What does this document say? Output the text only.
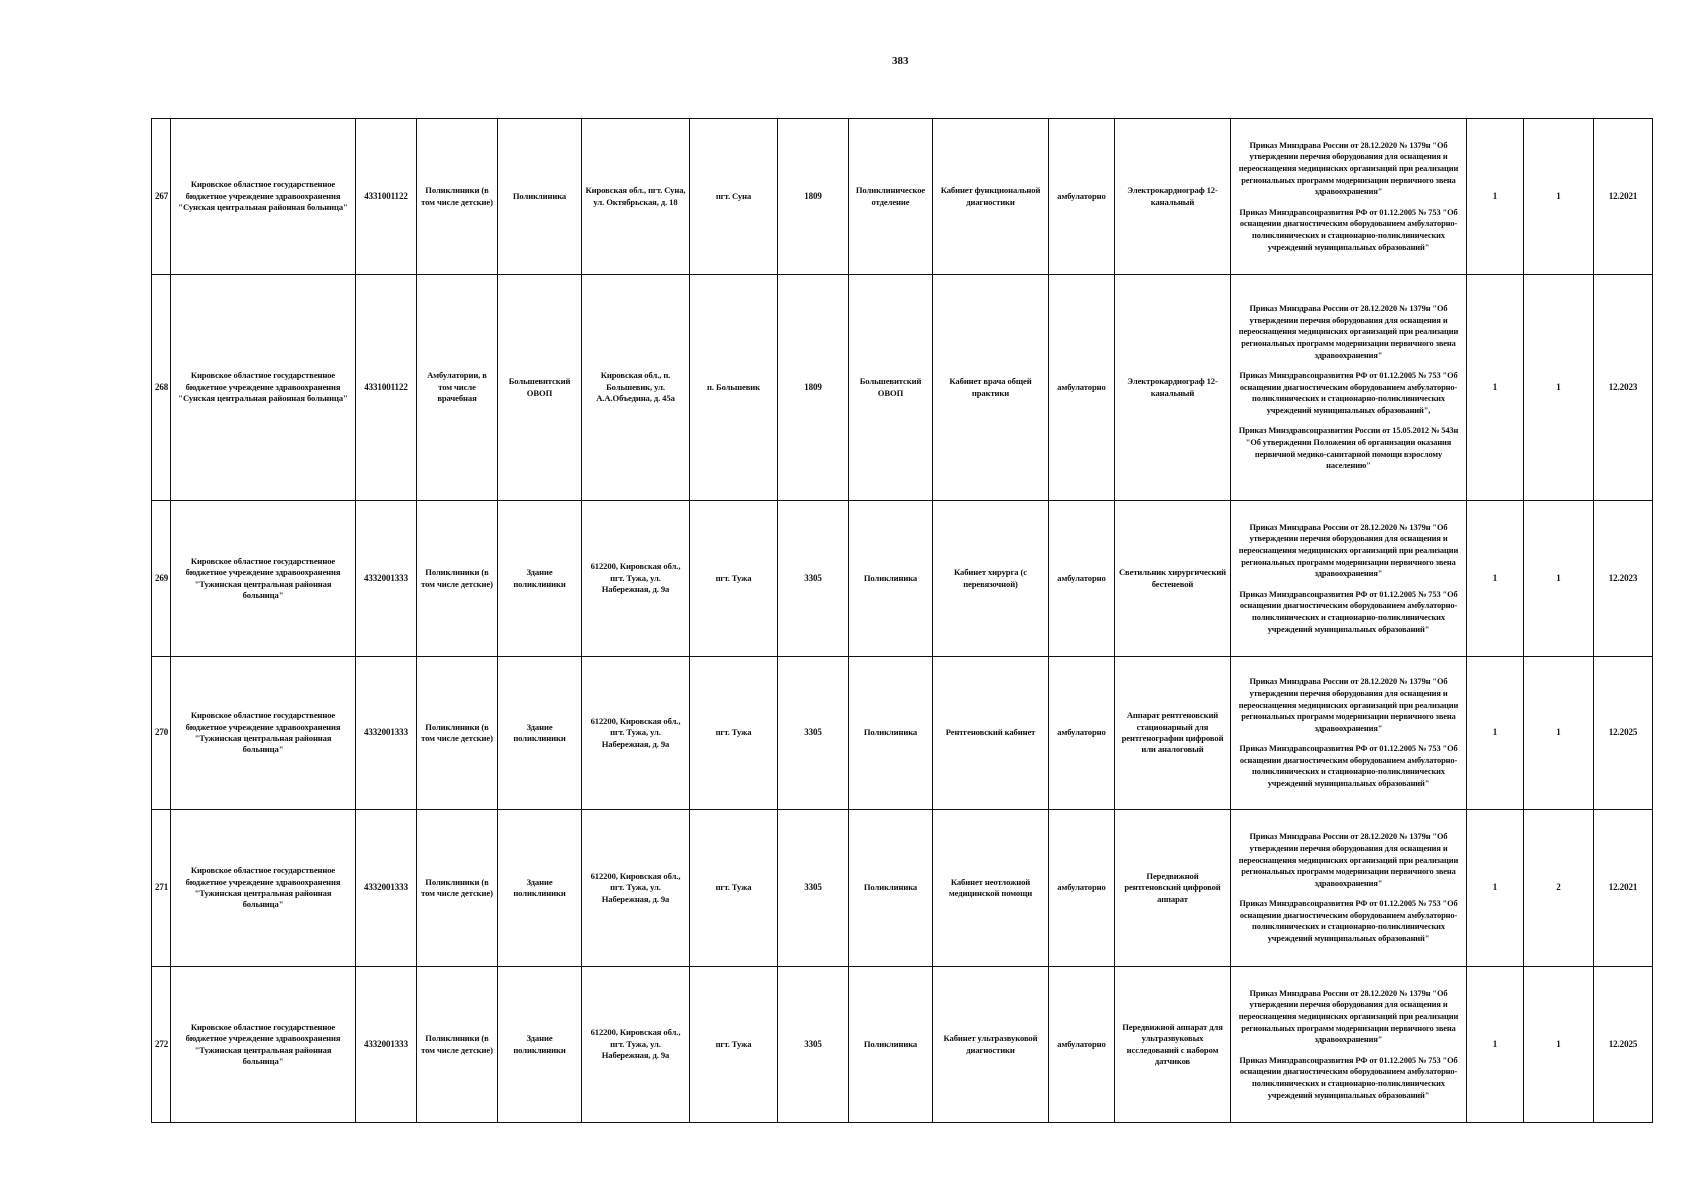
383
267	Кировское областное государственное бюджетное учреждение здравоохранения "Сунская центральная районная больница"	4331001122	Поликлиники (в том числе детские)	Поликлиника	Кировская обл., пгт. Суна, ул. Октябрьская, д. 18	пгт. Суна	1809	Поликлиническое отделение	Кабинет функциональной диагностики	амбулаторно	Электрокардиограф 12-канальный	Приказ Минздрава России от 28.12.2020 № 1379н "Об утверждении перечня оборудования для оснащения и переоснащения медицинских организаций при реализации региональных программ модернизации первичного звена здравоохранения"

Приказ Минздравсоцразвития РФ от 01.12.2005 № 753 "Об оснащении диагностическим оборудованием амбулаторно-поликлинических и стационарно-поликлинических учреждений муниципальных образований"	1	1	12.2021
268	Кировское областное государственное бюджетное учреждение здравоохранения "Сунская центральная районная больница"	4331001122	Амбулатории, в том числе врачебная	Большевитский ОВОП	Кировская обл., п. Большевик, ул. А.А.Объедина, д. 45а	п. Большевик	1809	Большевитский ОВОП	Кабинет врача общей практики	амбулаторно	Электрокардиограф 12-канальный	Приказ Минздрава России от 28.12.2020 № 1379н "Об утверждении перечня оборудования для оснащения и переоснащения медицинских организаций при реализации региональных программ модернизации первичного звена здравоохранения"

Приказ Минздравсоцразвития РФ от 01.12.2005 № 753 "Об оснащении диагностическим оборудованием амбулаторно-поликлинических и стационарно-поликлинических учреждений муниципальных образований",

Приказ Минздравсоцразвития России от 15.05.2012 № 543н "Об утверждении Положения об организации оказания первичной медико-санитарной помощи взрослому населению"	1	1	12.2023
269	Кировское областное государственное бюджетное учреждение здравоохранения "Тужинская центральная районная больница"	4332001333	Поликлиники (в том числе детские)	Здание поликлиники	612200, Кировская обл., пгт. Тужа, ул. Набережная, д. 9а	пгт. Тужа	3305	Поликлиника	Кабинет хирурга (с перевязочной)	амбулаторно	Светильник хирургический бестеневой	Приказ Минздрава России от 28.12.2020 № 1379н "Об утверждении перечня оборудования для оснащения и переоснащения медицинских организаций при реализации региональных программ модернизации первичного звена здравоохранения"

Приказ Минздравсоцразвития РФ от 01.12.2005 № 753 "Об оснащении диагностическим оборудованием амбулаторно-поликлинических и стационарно-поликлинических учреждений муниципальных образований"	1	1	12.2023
270	Кировское областное государственное бюджетное учреждение здравоохранения "Тужинская центральная районная больница"	4332001333	Поликлиники (в том числе детские)	Здание поликлиники	612200, Кировская обл., пгт. Тужа, ул. Набережная, д. 9а	пгт. Тужа	3305	Поликлиника	Рентгеновский кабинет	амбулаторно	Аппарат рентгеновский стационарный для рентгенографии цифровой или аналоговый	Приказ Минздрава России от 28.12.2020 № 1379н "Об утверждении перечня оборудования для оснащения и переоснащения медицинских организаций при реализации региональных программ модернизации первичного звена здравоохранения"

Приказ Минздравсоцразвития РФ от 01.12.2005 № 753 "Об оснащении диагностическим оборудованием амбулаторно-поликлинических и стационарно-поликлинических учреждений муниципальных образований"	1	1	12.2025
271	Кировское областное государственное бюджетное учреждение здравоохранения "Тужинская центральная районная больница"	4332001333	Поликлиники (в том числе детские)	Здание поликлиники	612200, Кировская обл., пгт. Тужа, ул. Набережная, д. 9а	пгт. Тужа	3305	Поликлиника	Кабинет неотложной медицинской помощи	амбулаторно	Передвижной рентгеновский цифровой аппарат	Приказ Минздрава России от 28.12.2020 № 1379н "Об утверждении перечня оборудования для оснащения и переоснащения медицинских организаций при реализации региональных программ модернизации первичного звена здравоохранения"

Приказ Минздравсоцразвития РФ от 01.12.2005 № 753 "Об оснащении диагностическим оборудованием амбулаторно-поликлинических и стационарно-поликлинических учреждений муниципальных образований"	1	2	12.2021
272	Кировское областное государственное бюджетное учреждение здравоохранения "Тужинская центральная районная больница"	4332001333	Поликлиники (в том числе детские)	Здание поликлиники	612200, Кировская обл., пгт. Тужа, ул. Набережная, д. 9а	пгт. Тужа	3305	Поликлиника	Кабинет ультразвуковой диагностики	амбулаторно	Передвижной аппарат для ультразвуковых исследований с набором датчиков	Приказ Минздрава России от 28.12.2020 № 1379н "Об утверждении перечня оборудования для оснащения и переоснащения медицинских организаций при реализации региональных программ модернизации первичного звена здравоохранения"

Приказ Минздравсоцразвития РФ от 01.12.2005 № 753 "Об оснащении диагностическим оборудованием амбулаторно-поликлинических и стационарно-поликлинических учреждений муниципальных образований"	1	1	12.2025
